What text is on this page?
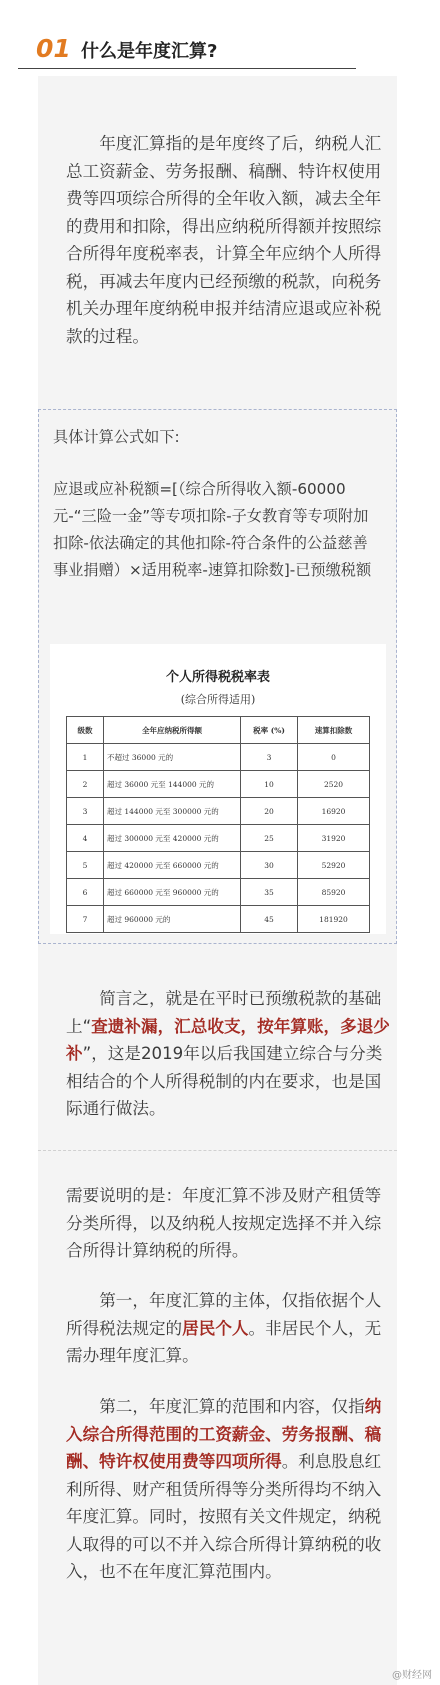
01 什么是年度汇算?

年度汇算指的是年度终了后，纳税人汇总工资薪金、劳务报酬、稿酬、特许权使用费等四项综合所得的全年收入额，减去全年的费用和扣除，得出应纳税所得额并按照综合所得年度税率表，计算全年应纳个人所得税，再减去年度内已经预缴的税款，向税务机关办理年度纳税申报并结清应退或应补税款的过程。

具体计算公式如下:

应退或应补税额=[（综合所得收入额-60000元-“三险一金”等专项扣除-子女教育等专项附加扣除-依法确定的其他扣除-符合条件的公益慈善事业捐赠）×适用税率-速算扣除数]-已预缴税额

个人所得税税率表
(综合所得适用)
级数	全年应纳税所得额	税率 (%)	速算扣除数
1	不超过 36000 元的	3	0
2	超过 36000 元至 144000 元的	10	2520
3	超过 144000 元至 300000 元的	20	16920
4	超过 300000 元至 420000 元的	25	31920
5	超过 420000 元至 660000 元的	30	52920
6	超过 660000 元至 960000 元的	35	85920
7	超过 960000 元的	45	181920

简言之，就是在平时已预缴税款的基础上“查遗补漏，汇总收支，按年算账，多退少补”，这是2019年以后我国建立综合与分类相结合的个人所得税制的内在要求，也是国际通行做法。

需要说明的是：年度汇算不涉及财产租赁等分类所得，以及纳税人按规定选择不并入综合所得计算纳税的所得。

第一，年度汇算的主体，仅指依据个人所得税法规定的居民个人。非居民个人，无需办理年度汇算。

第二，年度汇算的范围和内容，仅指纳入综合所得范围的工资薪金、劳务报酬、稿酬、特许权使用费等四项所得。利息股息红利所得、财产租赁所得等分类所得均不纳入年度汇算。同时，按照有关文件规定，纳税人取得的可以不并入综合所得计算纳税的收入，也不在年度汇算范围内。

@财经网
